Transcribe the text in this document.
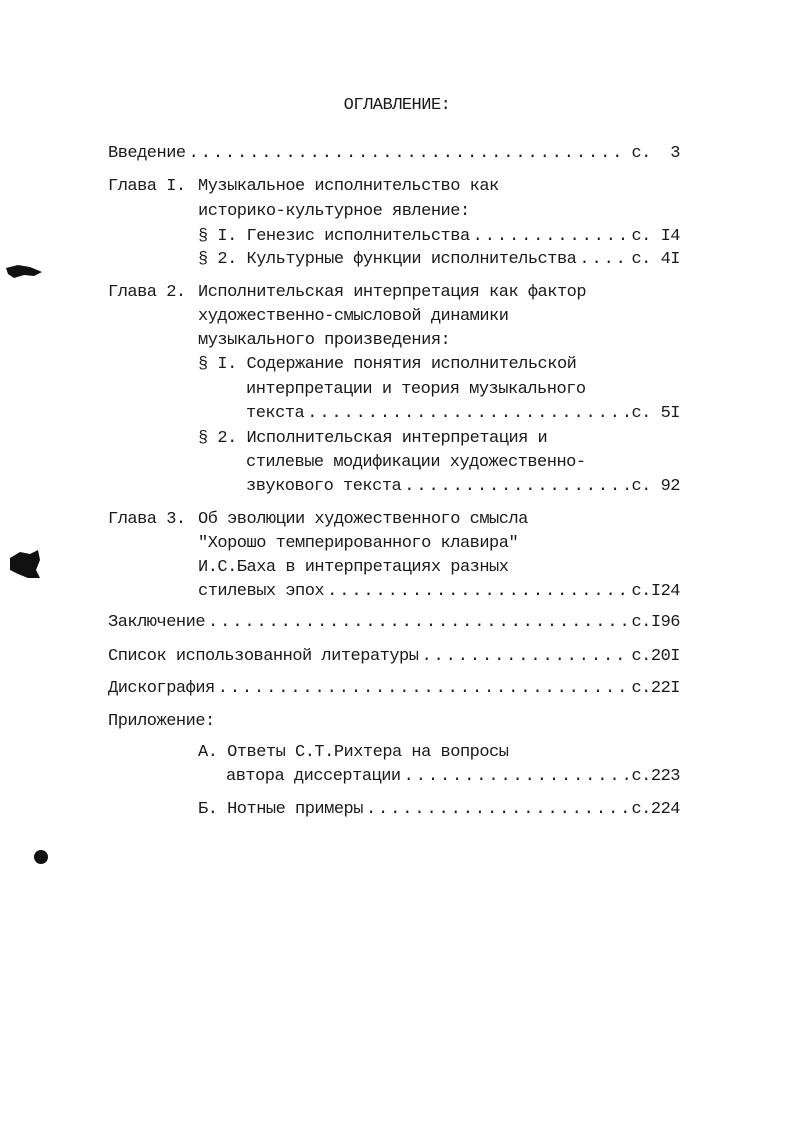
ОГЛАВЛЕНИЕ:
Введение .....	с.  3
Глава I. Музыкальное исполнительство как
историко-культурное явление:
§ I. Генезис исполнительства .....	с. I4
§ 2. Культурные функции исполнительства .....	с. 4I
Глава 2. Исполнительская интерпретация как фактор
художественно-смысловой динамики
музыкального произведения:
§ I. Содержание понятия исполнительской
интерпретации и теория музыкального
текста .....	с. 5I
§ 2. Исполнительская интерпретация и
стилевые модификации художественно-
звукового текста .....	с. 92
Глава 3. Об эволюции художественного смысла
"Хорошо темперированного клавира"
И.С.Баха в интерпретациях разных
стилевых эпох .....	с.I24
Заключение .....	с.I96
Список использованной литературы .....	с.20I
Дискография .....	с.22I
Приложение:
А. Ответы С.Т.Рихтера на вопросы
автора диссертации .....	с.223
Б. Нотные примеры .....	с.224
